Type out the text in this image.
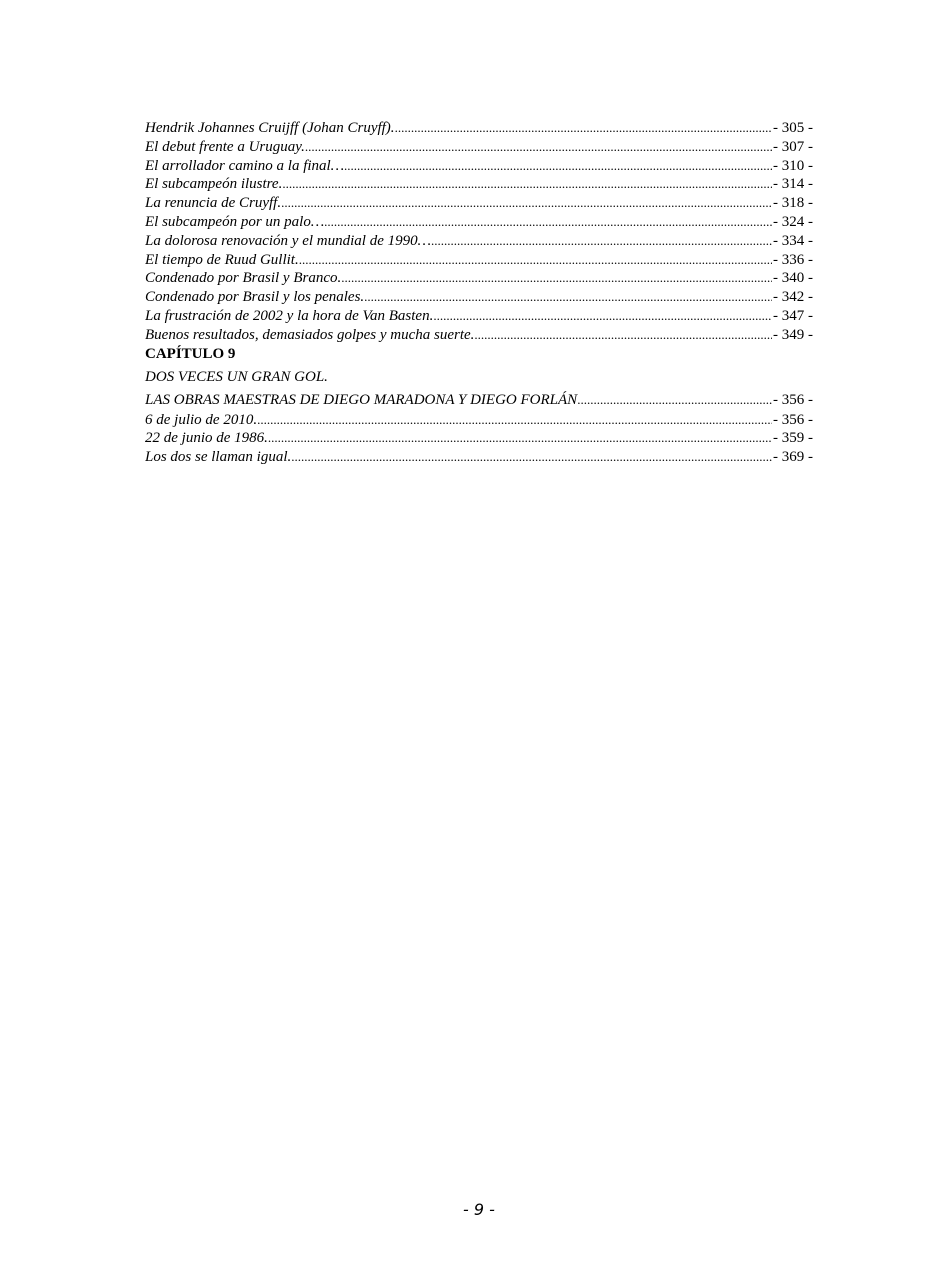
Hendrik Johannes Cruijff (Johan Cruyff). .....	- 305 -
El debut frente a Uruguay. .....	- 307 -
El arrollador camino a la final… .....	- 310 -
El subcampeón ilustre. .....	- 314 -
La renuncia de Cruyff. .....	- 318 -
El subcampeón por un palo… .....	- 324 -
La dolorosa renovación y el mundial de 1990… .....	- 334 -
El tiempo de Ruud Gullit. .....	- 336 -
Condenado por Brasil y Branco. .....	- 340 -
Condenado por Brasil y los penales. .....	- 342 -
La frustración de 2002 y la hora de Van Basten. .....	- 347 -
Buenos resultados, demasiados golpes y mucha suerte. .....	- 349 -
CAPÍTULO 9
DOS VECES UN GRAN GOL.
LAS OBRAS MAESTRAS DE DIEGO MARADONA Y DIEGO FORLÁN .....	- 356 -
6 de julio de 2010. .....	- 356 -
22 de junio de 1986. .....	- 359 -
Los dos se llaman igual. .....	- 369 -
- 9 -
